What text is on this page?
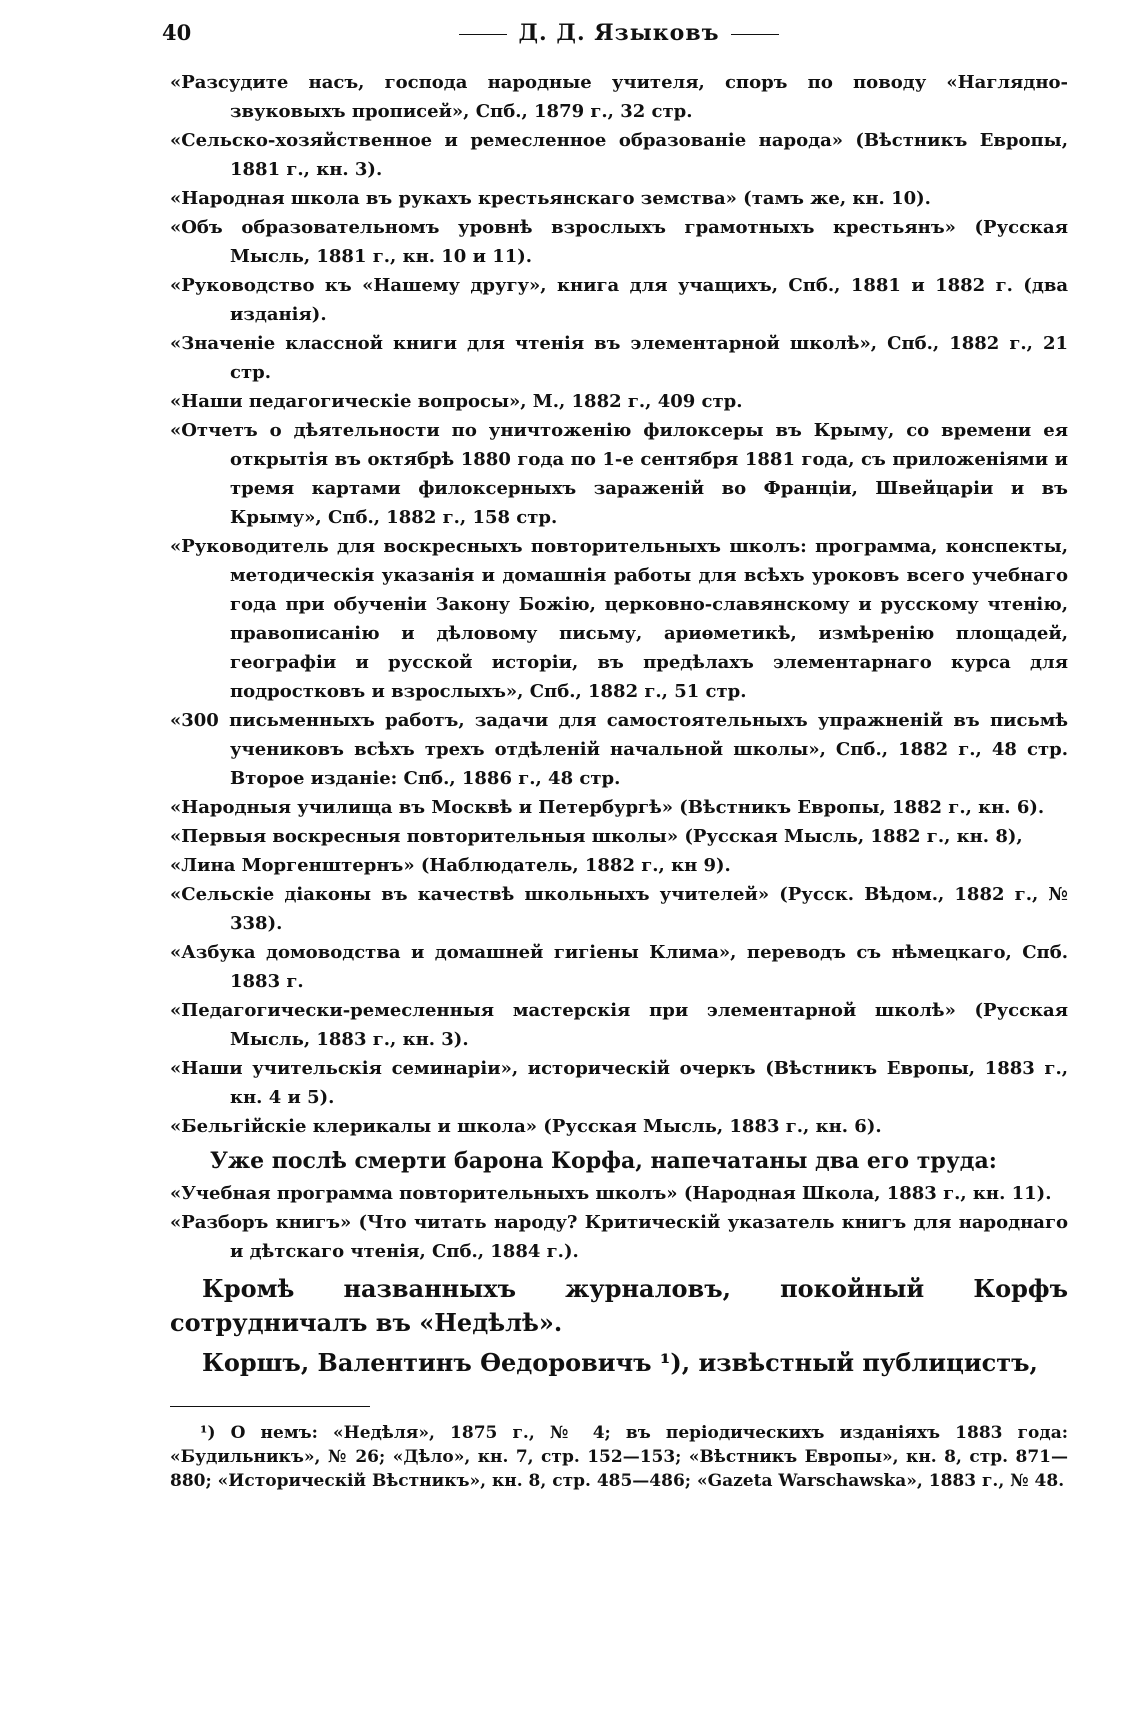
40	Д. Д. Языковъ

«Разсудите насъ, господа народные учителя, споръ по поводу «Наглядно-звуковыхъ прописей», Спб., 1879 г., 32 стр.

«Сельско-хозяйственное и ремесленное образованіе народа» (Вѣстникъ Европы, 1881 г., кн. 3).

«Народная школа въ рукахъ крестьянскаго земства» (тамъ же, кн. 10).

«Объ образовательномъ уровнѣ взрослыхъ грамотныхъ крестьянъ» (Русская Мысль, 1881 г., кн. 10 и 11).

«Руководство къ «Нашему другу», книга для учащихъ, Спб., 1881 и 1882 г. (два изданія).

«Значеніе классной книги для чтенія въ элементарной школѣ», Спб., 1882 г., 21 стр.

«Наши педагогическіе вопросы», М., 1882 г., 409 стр.

«Отчетъ о дѣятельности по уничтоженію филоксеры въ Крыму, со времени ея открытія въ октябрѣ 1880 года по 1-е сентября 1881 года, съ приложеніями и тремя картами филоксерныхъ зараженій во Франціи, Швейцаріи и въ Крыму», Спб., 1882 г., 158 стр.

«Руководитель для воскресныхъ повторительныхъ школъ: программа, конспекты, методическія указанія и домашнія работы для всѣхъ уроковъ всего учебнаго года при обученіи Закону Божію, церковно-славянскому и русскому чтенію, правописанію и дѣловому письму, ариѳметикѣ, измѣренію площадей, географіи и русской исторіи, въ предѣлахъ элементарнаго курса для подростковъ и взрослыхъ», Спб., 1882 г., 51 стр.

«300 письменныхъ работъ, задачи для самостоятельныхъ упражненій въ письмѣ учениковъ всѣхъ трехъ отдѣленій начальной школы», Спб., 1882 г., 48 стр. Второе изданіе: Спб., 1886 г., 48 стр.

«Народныя училища въ Москвѣ и Петербургѣ» (Вѣстникъ Европы, 1882 г., кн. 6).

«Первыя воскресныя повторительныя школы» (Русская Мысль, 1882 г., кн. 8),

«Лина Моргенштернъ» (Наблюдатель, 1882 г., кн 9).

«Сельскіе діаконы въ качествѣ школьныхъ учителей» (Русск. Вѣдом., 1882 г., № 338).

«Азбука домоводства и домашней гигіены Клима», переводъ съ нѣмецкаго, Спб. 1883 г.

«Педагогически-ремесленныя мастерскія при элементарной школѣ» (Русская Мысль, 1883 г., кн. 3).

«Наши учительскія семинаріи», историческій очеркъ (Вѣстникъ Европы, 1883 г., кн. 4 и 5).

«Бельгійскіе клерикалы и школа» (Русская Мысль, 1883 г., кн. 6).

Уже послѣ смерти барона Корфа, напечатаны два его труда:

«Учебная программа повторительныхъ школъ» (Народная Школа, 1883 г., кн. 11).

«Разборъ книгъ» (Что читать народу? Критическій указатель книгъ для народнаго и дѣтскаго чтенія, Спб., 1884 г.).

Кромѣ названныхъ журналовъ, покойный Корфъ сотрудничалъ въ «Недѣлѣ».

Коршъ, Валентинъ Ѳедоровичъ ¹), извѣстный публицистъ,

¹) О немъ: «Недѣля», 1875 г., № 4; въ періодическихъ изданіяхъ 1883 года: «Будильникъ», № 26; «Дѣло», кн. 7, стр. 152—153; «Вѣстникъ Европы», кн. 8, стр. 871—880; «Историческій Вѣстникъ», кн. 8, стр. 485—486; «Gazeta Warschawska», 1883 г., № 48.
